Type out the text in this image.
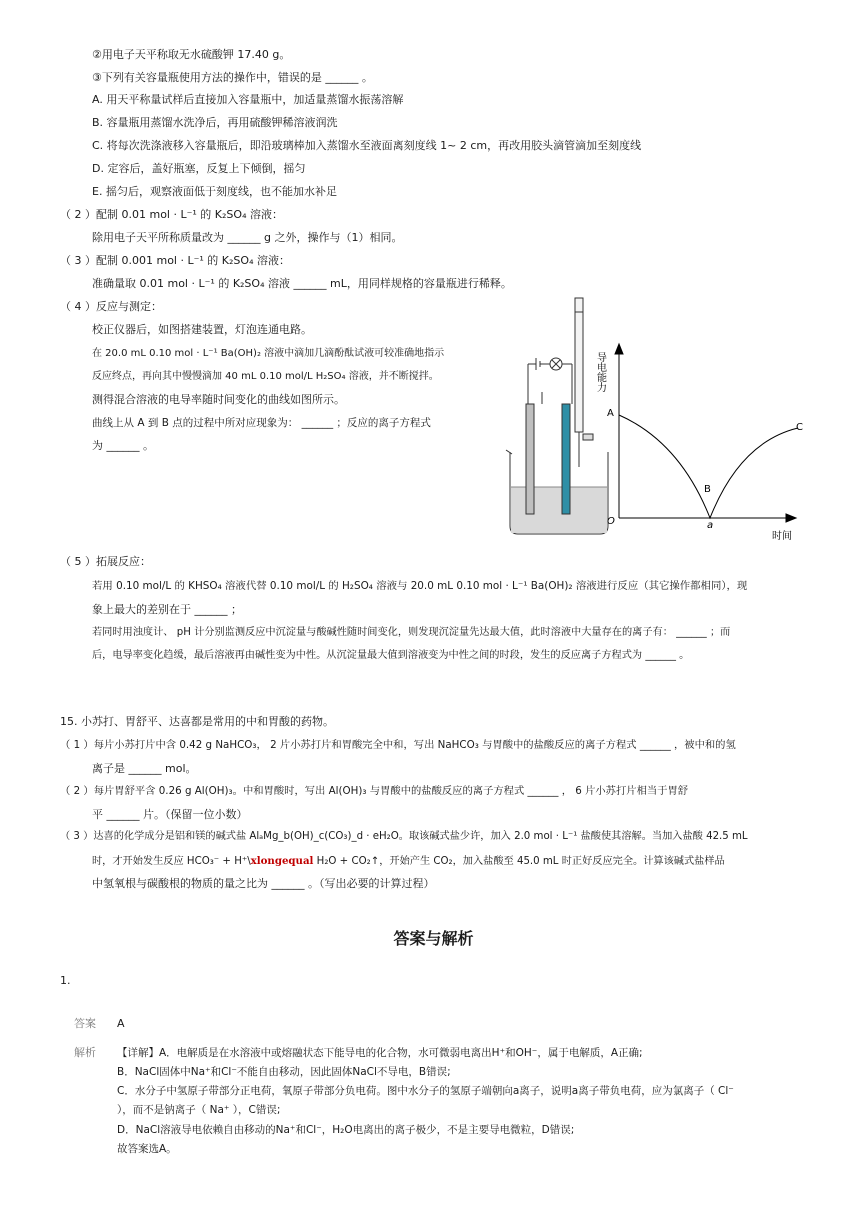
②用电子天平称取无水硫酸钾 17.40 g。
③下列有关容量瓶使用方法的操作中，错误的是 ______ 。
A. 用天平称量试样后直接加入容量瓶中，加适量蒸馏水振荡溶解
B. 容量瓶用蒸馏水洗净后，再用硫酸钾稀溶液润洗
C. 将每次洗涤液移入容量瓶后，即沿玻璃棒加入蒸馏水至液面离刻度线 1~ 2 cm，再改用胶头滴管滴加至刻度线
D. 定容后，盖好瓶塞，反复上下倾倒，摇匀
E. 摇匀后，观察液面低于刻度线，也不能加水补足
（ 2 ）配制 0.01 mol · L⁻¹ 的 K₂SO₄ 溶液：
除用电子天平所称质量改为 ______ g 之外，操作与（1）相同。
（ 3 ）配制 0.001 mol · L⁻¹ 的 K₂SO₄ 溶液：
准确量取 0.01 mol · L⁻¹ 的 K₂SO₄ 溶液 ______ mL，用同样规格的容量瓶进行稀释。
（ 4 ）反应与测定：
校正仪器后，如图搭建装置，灯泡连通电路。
在 20.0 mL 0.10 mol · L⁻¹ Ba(OH)₂ 溶液中滴加几滴酚酞试液可较准确地指示
反应终点，再向其中慢慢滴加 40 mL 0.10 mol/L H₂SO₄ 溶液，并不断搅拌。
测得混合溶液的电导率随时间变化的曲线如图所示。
曲线上从 A 到 B 点的过程中所对应现象为： ______ ；反应的离子方程式
为 ______ 。
导电能力
O
A
B
C
a
时间
（ 5 ）拓展反应：
若用 0.10 mol/L 的 KHSO₄ 溶液代替 0.10 mol/L 的 H₂SO₄ 溶液与 20.0 mL 0.10 mol · L⁻¹ Ba(OH)₂ 溶液进行反应（其它操作都相同），现
象上最大的差别在于 ______ ；
若同时用浊度计、 pH 计分别监测反应中沉淀量与酸碱性随时间变化，则发现沉淀量先达最大值，此时溶液中大量存在的离子有： ______ ；而
后，电导率变化趋缓，最后溶液再由碱性变为中性。从沉淀量最大值到溶液变为中性之间的时段，发生的反应离子方程式为 ______ 。
15. 小苏打、胃舒平、达喜都是常用的中和胃酸的药物。
（ 1 ）每片小苏打片中含 0.42 g NaHCO₃， 2 片小苏打片和胃酸完全中和，写出 NaHCO₃ 与胃酸中的盐酸反应的离子方程式 ______ ，被中和的氢
离子是 ______ mol。
（ 2 ）每片胃舒平含 0.26 g Al(OH)₃。中和胃酸时，写出 Al(OH)₃ 与胃酸中的盐酸反应的离子方程式 ______ ， 6 片小苏打片相当于胃舒
平 ______ 片。（保留一位小数）
（ 3 ）达喜的化学成分是铝和镁的碱式盐 AlₐMg_b(OH)_c(CO₃)_d · eH₂O。取该碱式盐少许，加入 2.0 mol · L⁻¹ 盐酸使其溶解。当加入盐酸 42.5 mL
时，才开始发生反应 HCO₃⁻ + H⁺\xlongequal H₂O + CO₂↑，开始产生 CO₂，加入盐酸至 45.0 mL 时正好反应完全。计算该碱式盐样品
中氢氧根与碳酸根的物质的量之比为 ______ 。（写出必要的计算过程）
答案与解析
1.
答案 A
解析 【详解】A．电解质是在水溶液中或熔融状态下能导电的化合物，水可微弱电离出H⁺和OH⁻，属于电解质，A正确;
B．NaCl固体中Na⁺和Cl⁻不能自由移动，因此固体NaCl不导电，B错误;
C．水分子中氢原子带部分正电荷，氧原子带部分负电荷。图中水分子的氢原子端朝向a离子，说明a离子带负电荷，应为氯离子（ Cl⁻
），而不是钠离子（ Na⁺ ），C错误;
D．NaCl溶液导电依赖自由移动的Na⁺和Cl⁻，H₂O电离出的离子极少，不是主要导电微粒，D错误;
故答案选A。
